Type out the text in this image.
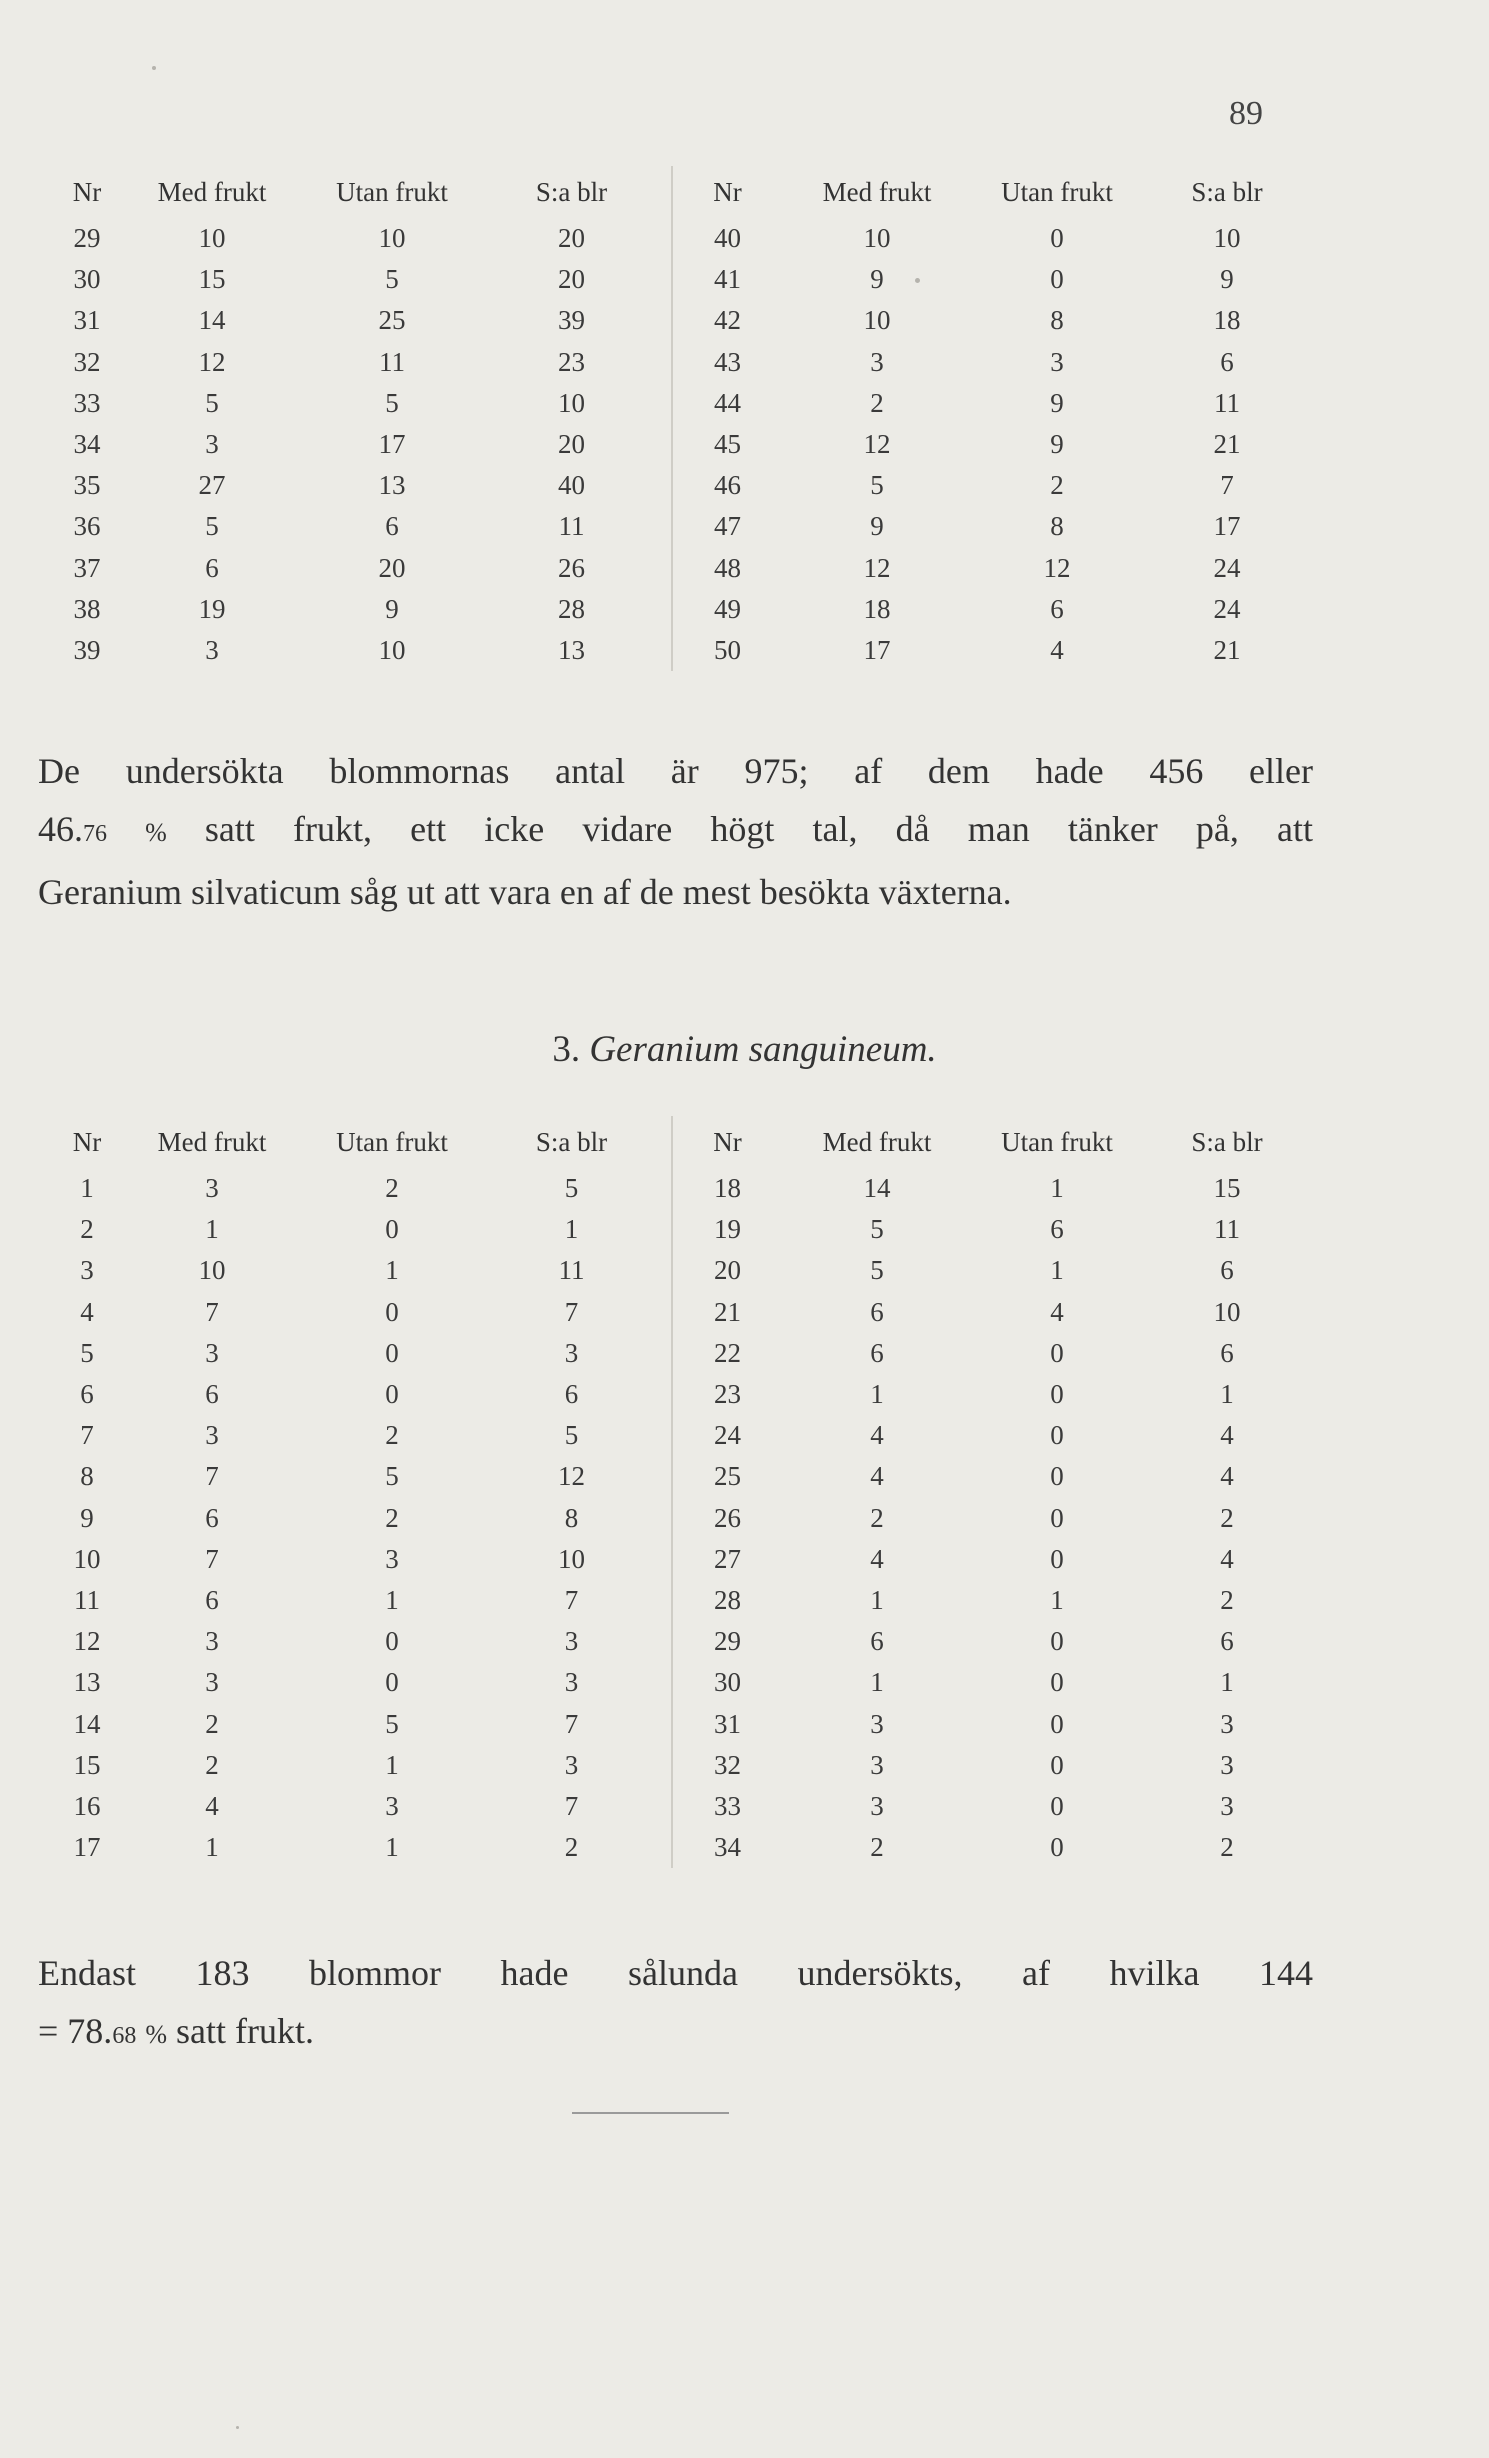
89
Nr	Med frukt	Utan frukt	S:a blr	Nr	Med frukt	Utan frukt	S:a blr
29	10	10	20	40	10	0	10
30	15	5	20	41	9	0	9
31	14	25	39	42	10	8	18
32	12	11	23	43	3	3	6
33	5	5	10	44	2	9	11
34	3	17	20	45	12	9	21
35	27	13	40	46	5	2	7
36	5	6	11	47	9	8	17
37	6	20	26	48	12	12	24
38	19	9	28	49	18	6	24
39	3	10	13	50	17	4	21
De undersökta blommornas antal är 975; af dem hade 456 eller
46.76 % satt frukt, ett icke vidare högt tal, då man tänker på, att
Geranium silvaticum såg ut att vara en af de mest besökta växterna.
3. Geranium sanguineum.
Nr	Med frukt	Utan frukt	S:a blr	Nr	Med frukt	Utan frukt	S:a blr
1	3	2	5	18	14	1	15
2	1	0	1	19	5	6	11
3	10	1	11	20	5	1	6
4	7	0	7	21	6	4	10
5	3	0	3	22	6	0	6
6	6	0	6	23	1	0	1
7	3	2	5	24	4	0	4
8	7	5	12	25	4	0	4
9	6	2	8	26	2	0	2
10	7	3	10	27	4	0	4
11	6	1	7	28	1	1	2
12	3	0	3	29	6	0	6
13	3	0	3	30	1	0	1
14	2	5	7	31	3	0	3
15	2	1	3	32	3	0	3
16	4	3	7	33	3	0	3
17	1	1	2	34	2	0	2
Endast 183 blommor hade sålunda undersökts, af hvilka 144
= 78.68 % satt frukt.
